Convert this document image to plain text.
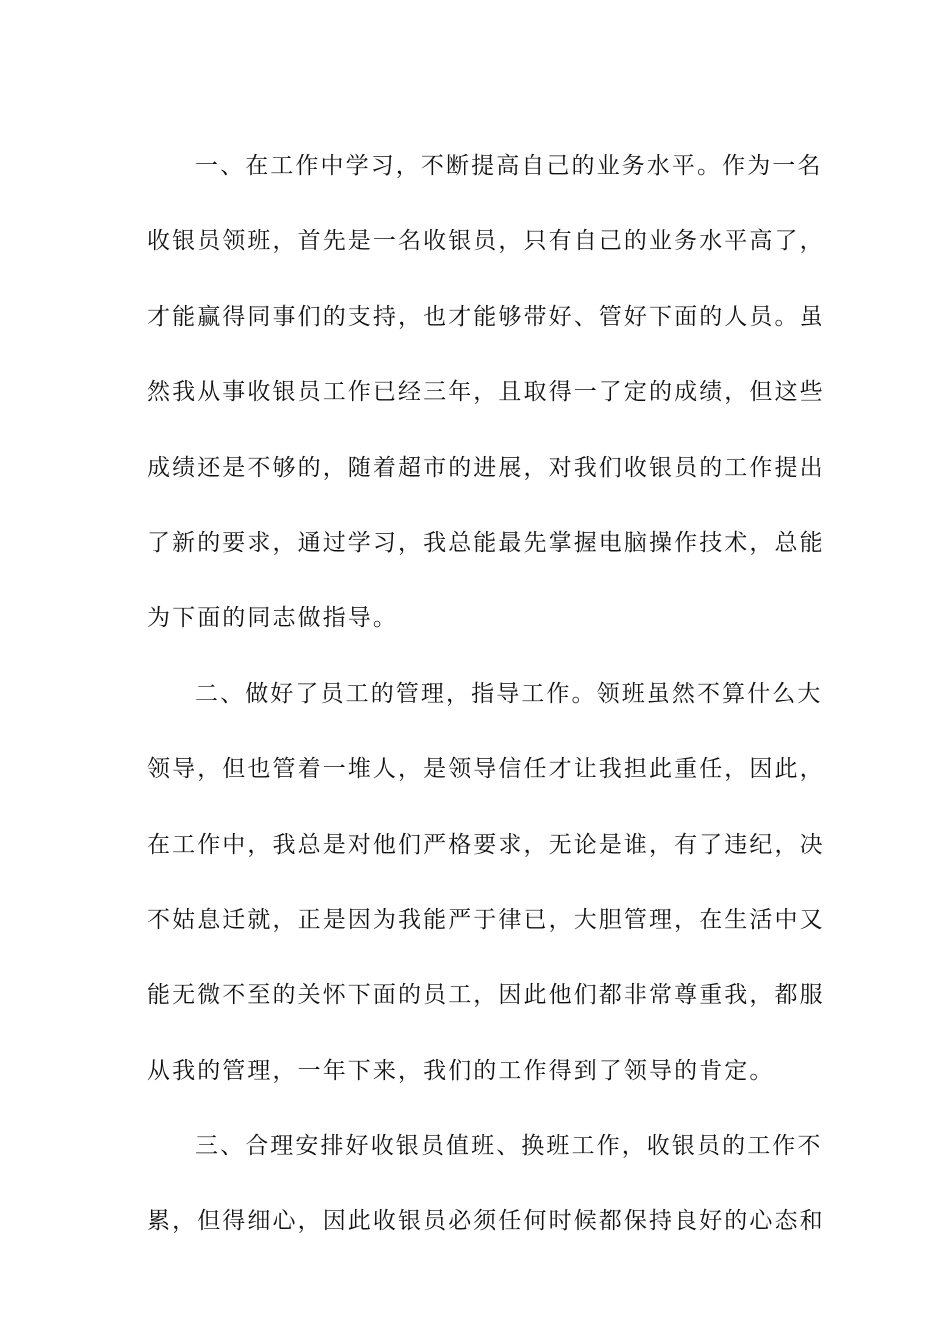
一、在工作中学习，不断提高自己的业务水平。作为一名
收银员领班，首先是一名收银员，只有自己的业务水平高了，
才能赢得同事们的支持，也才能够带好、管好下面的人员。虽
然我从事收银员工作已经三年，且取得一了定的成绩，但这些
成绩还是不够的，随着超市的进展，对我们收银员的工作提出
了新的要求，通过学习，我总能最先掌握电脑操作技术，总能
为下面的同志做指导。
二、做好了员工的管理，指导工作。领班虽然不算什么大
领导，但也管着一堆人，是领导信任才让我担此重任，因此，
在工作中，我总是对他们严格要求，无论是谁，有了违纪，决
不姑息迁就，正是因为我能严于律已，大胆管理，在生活中又
能无微不至的关怀下面的员工，因此他们都非常尊重我，都服
从我的管理，一年下来，我们的工作得到了领导的肯定。
三、合理安排好收银员值班、换班工作，收银员的工作不
累，但得细心，因此收银员必须任何时候都保持良好的心态和
